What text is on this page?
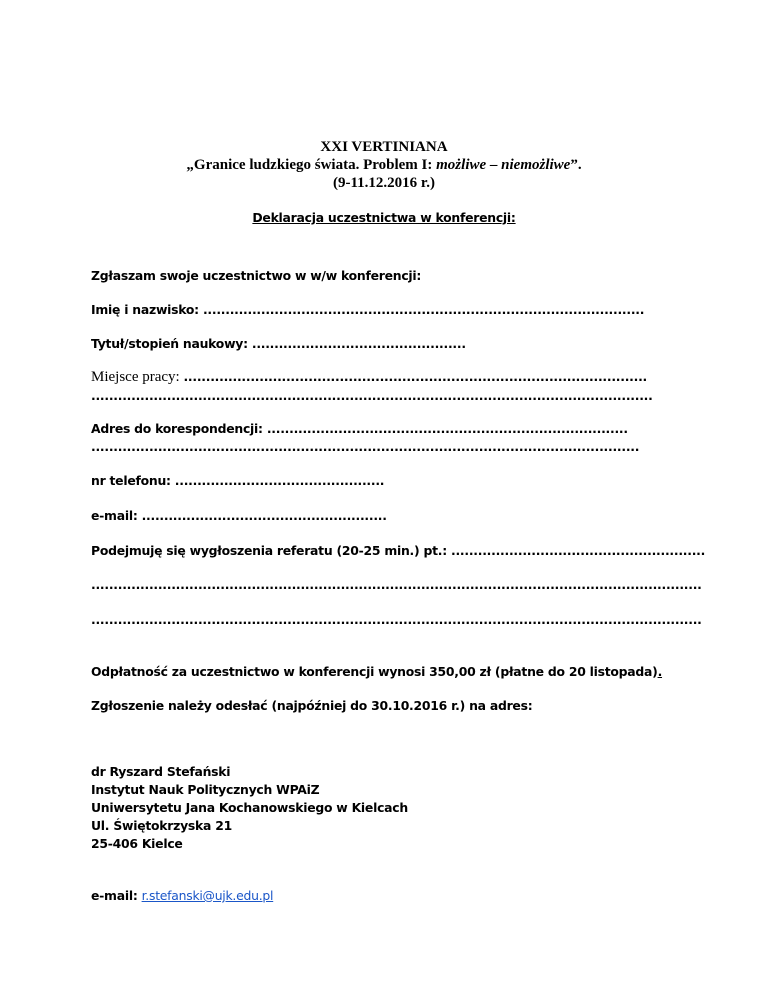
XXI VERTINIANA
„Granice ludzkiego świata. Problem I: możliwe – niemożliwe”.
(9-11.12.2016 r.)
Deklaracja uczestnictwa w konferencji:
Zgłaszam swoje uczestnictwo w w/w konferencji:
Imię i nazwisko: ...................................................................................................
Tytuł/stopień naukowy: ................................................
Miejsce pracy: ........................................................................................................
..............................................................................................................................
Adres do korespondencji: .................................................................................
...........................................................................................................................
nr telefonu: ...............................................
e-mail: .......................................................
Podejmuję się wygłoszenia referatu (20-25 min.) pt.: .........................................................
.........................................................................................................................................
.........................................................................................................................................
Odpłatność za uczestnictwo w konferencji wynosi 350,00 zł (płatne do 20 listopada).
Zgłoszenie należy odesłać (najpóźniej do 30.10.2016 r.) na adres:
dr Ryszard Stefański
Instytut Nauk Politycznych WPAiZ
Uniwersytetu Jana Kochanowskiego w Kielcach
Ul. Świętokrzyska 21
25-406 Kielce
e-mail: r.stefanski@ujk.edu.pl
